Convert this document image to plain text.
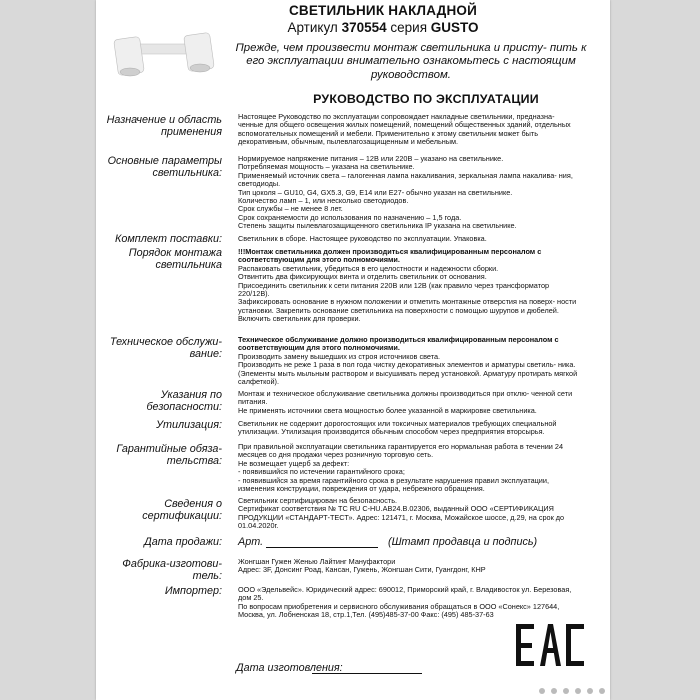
СВЕТИЛЬНИК НАКЛАДНОЙ
Артикул 370554 серия GUSTO
Прежде, чем произвести монтаж светильника и присту- пить к его эксплуатации внимательно ознакомьтесь с настоящим руководством.
РУКОВОДСТВО ПО ЭКСПЛУАТАЦИИ
Назначение и область применения

Настоящее Руководство по эксплуатации сопровождает накладные светильники, предназна- ченные для общего освещения жилых помещений, помещений общественных зданий, отдельных вспомогательных помещений и мебели. Применительно к этому светильник может быть декоративным, обычным, пылевлагозащищенным и мебельным.

Основные параметры светильника:

Нормируемое напряжение питания – 12В или 220В – указано на светильнике.

Потребляемая мощность – указана на светильнике.

Применяемый источник света – галогенная лампа накаливания, зеркальная лампа накалива- ния, светодиоды.

Тип цоколя – GU10, G4, GX5.3, G9, E14 или E27- обычно указан на светильнике.

Количество ламп – 1, или несколько светодиодов.

Срок службы – не менее 8 лет.

Срок сохраняемости до использования по назначению – 1,5 года.

Степень защиты пылевлагозащищенного светильника IP указана на светильнике.

Комплект поставки: Светильник в сборе. Настоящее руководство по эксплуатации. Упаковка.

Порядок монтажа светильника

!!!Монтаж светильника должен производиться квалифицированным персоналом с соответствующим для этого полномочиями.

Распаковать светильник, убедиться в его целостности и надежности сборки.

Отвинтить два фиксирующих винта и отделить светильник от основания.

Присоединить светильник к сети питания 220В или 12В (как правило через трансформатор 220/12В).

Зафиксировать основание в нужном положении и отметить монтажные отверстия на поверх- ности установки. Закрепить основание светильника на поверхности с помощью шурупов и дюбелей.

Включить светильник для проверки.

Техническое обслужи- вание:

Техническое обслуживание должно производиться квалифицированным персоналом с соответствующим для этого полномочиями.

Производить замену вышедших из строя источников света.

Производить не реже 1 раза в пол года чистку декоративных элементов и арматуры светиль- ника. (Элементы мыть мыльным раствором и высушивать перед установкой. Арматуру протирать мягкой салфеткой).

Указания по безопасности:

Монтаж и техническое обслуживание светильника должны производиться при отклю- ченной сети питания.

Не применять источники света мощностью более указанной в маркировке светильника.

Утилизация: Светильник не содержит дорогостоящих или токсичных материалов требующих специальной утилизации. Утилизация производится обычным способом через предприятия вторсырья.

Гарантийные обяза- тельства:

При правильной эксплуатации светильника гарантируется его нормальная работа в течении 24 месяцев со дня продажи через розничную торговую сеть.

Не возмещает ущерб за дефект:

- появившийся по истечении гарантийного срока;

- появившийся за время гарантийного срока в результате нарушения правил эксплуатации, изменения конструкции, повреждения от удара, небрежного обращения.

Сведения о сертификации:

Светильник сертифицирован на безопасность.

Сертификат соответствия № ТС RU C-HU.AB24.B.02306, выданный ООО «СЕРТИФИКАЦИЯ ПРОДУКЦИИ «СТАНДАРТ-ТЕСТ». Адрес: 121471, г. Москва, Можайское шоссе, д.29, на срок до 01.04.2020г.

Дата продажи: Арт.	(Штамп продавца и подпись)
Фабрика-изготови- тель:

Жонгшан Гужен Женью Лайтинг Мануфактори

Адрес: 3F, Донсинг Роад, Кансан, Гужень, Жонгшан Сити, Гуангдонг, КНР

Импортер: ООО «Эдельвейс». Юридический адрес: 690012, Приморский край, г. Владивосток ул. Березовая, дом 25.

По вопросам приобретения и сервисного обслуживания обращаться в ООО «Сонекс» 127644, Москва, ул. Лобненская 18, стр.1,Тел. (495)485-37-00 Факс: (495) 485-37-63

Дата изготовления:
